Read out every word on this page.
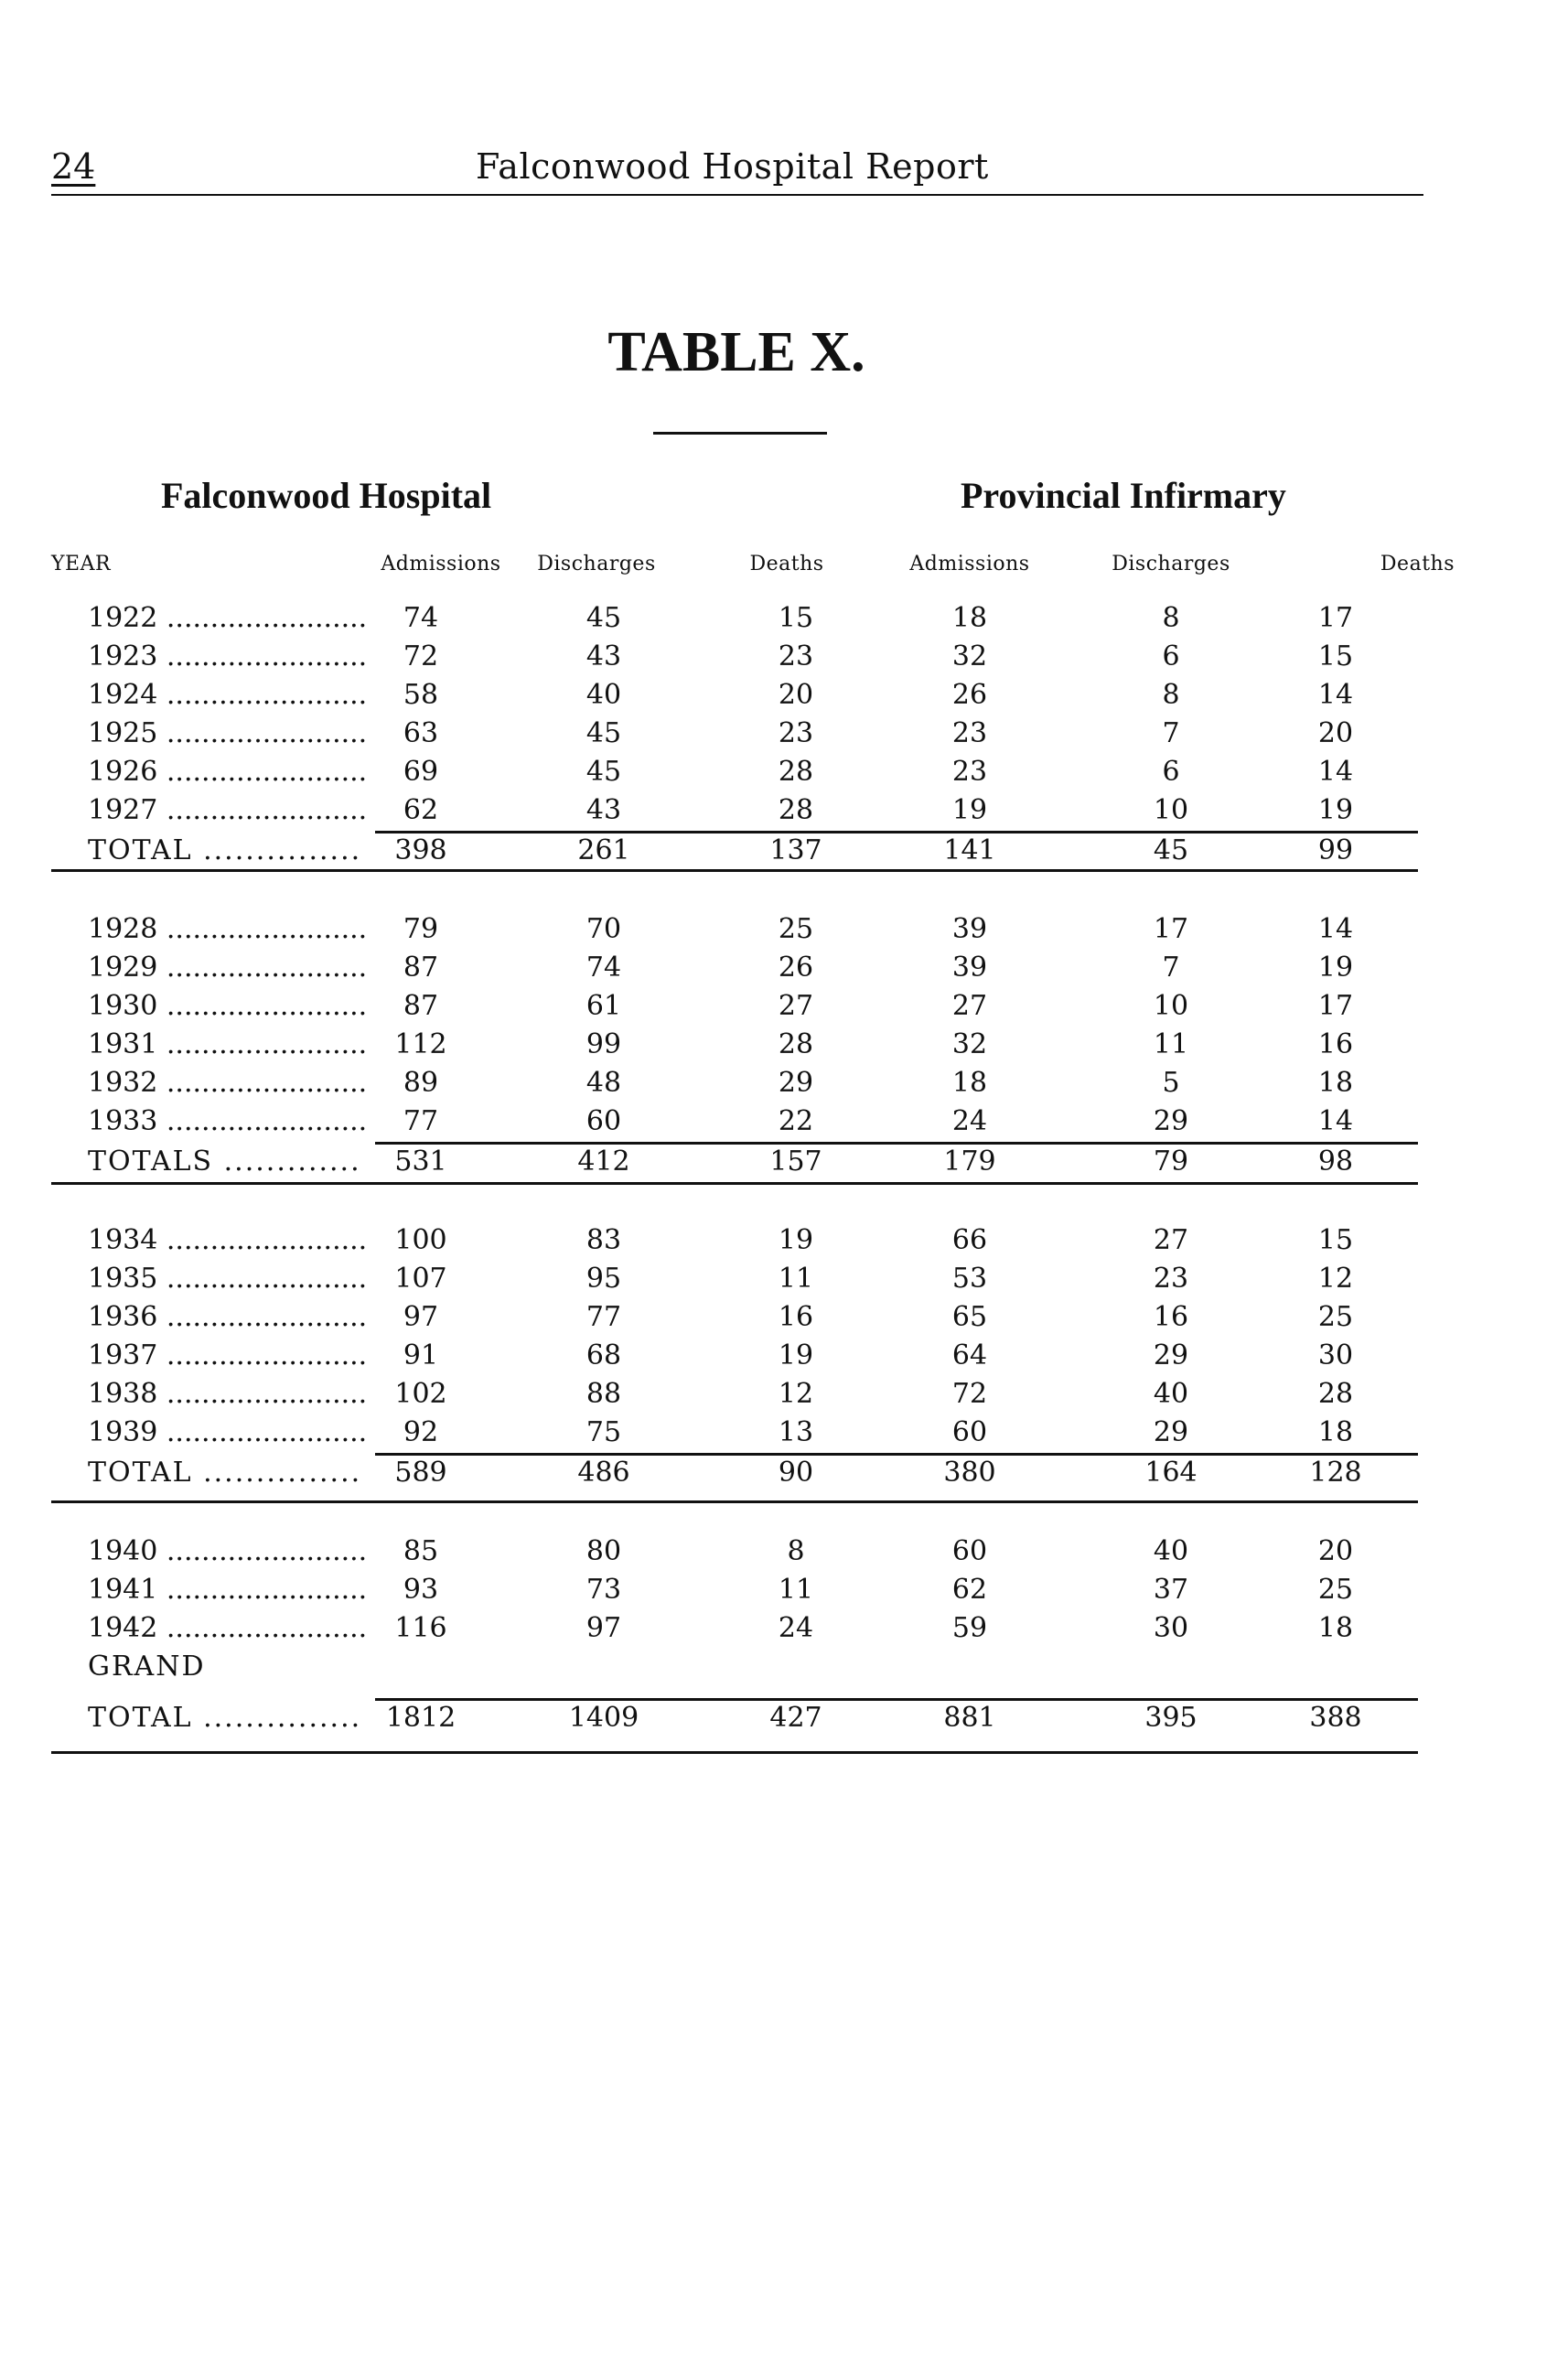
24	Falconwood Hospital Report
TABLE X.
Falconwood Hospital	Provincial Infirmary
YEAR	Admissions	Discharges	Deaths	Admissions	Discharges	Deaths
1922 .......................	74	45	15	18	8	17
1923 .......................	72	43	23	32	6	15
1924 .......................	58	40	20	26	8	14
1925 .......................	63	45	23	23	7	20
1926 .......................	69	45	28	23	6	14
1927 .......................	62	43	28	19	10	19
TOTAL ...............	398	261	137	141	45	99
1928 .......................	79	70	25	39	17	14
1929 .......................	87	74	26	39	7	19
1930 .......................	87	61	27	27	10	17
1931 .......................	112	99	28	32	11	16
1932 .......................	89	48	29	18	5	18
1933 .......................	77	60	22	24	29	14
TOTALS .............	531	412	157	179	79	98
1934 .......................	100	83	19	66	27	15
1935 .......................	107	95	11	53	23	12
1936 .......................	97	77	16	65	16	25
1937 .......................	91	68	19	64	29	30
1938 .......................	102	88	12	72	40	28
1939 .......................	92	75	13	60	29	18
TOTAL ...............	589	486	90	380	164	128
1940 .......................	85	80	8	60	40	20
1941 .......................	93	73	11	62	37	25
1942 .......................	116	97	24	59	30	18
GRAND
TOTAL ............... 1812	1409	427	881	395	388
